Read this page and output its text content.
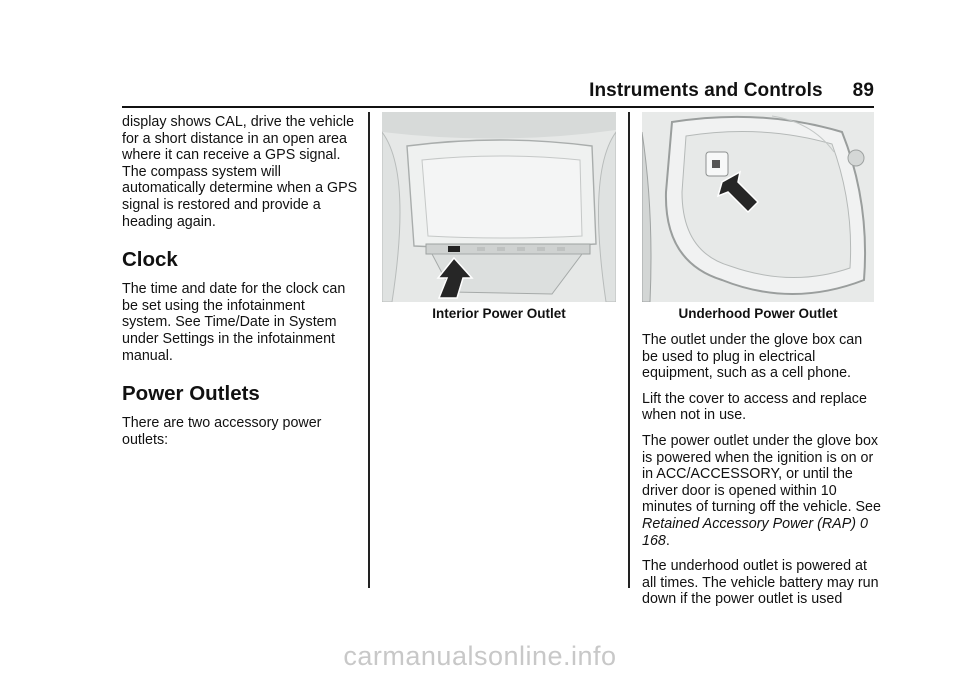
Instruments and Controls 89

display shows CAL, drive the vehicle for a short distance in an open area where it can receive a GPS signal. The compass system will automatically determine when a GPS signal is restored and provide a heading again.

Clock

The time and date for the clock can be set using the infotainment system. See Time/Date in System under Settings in the infotainment manual.

Power Outlets

There are two accessory power outlets:

Interior Power Outlet	Underhood Power Outlet

The outlet under the glove box can be used to plug in electrical equipment, such as a cell phone.

Lift the cover to access and replace when not in use.

The power outlet under the glove box is powered when the ignition is on or in ACC/ACCESSORY, or until the driver door is opened within 10 minutes of turning off the vehicle. See Retained Accessory Power (RAP) 0 168.

The underhood outlet is powered at all times. The vehicle battery may run down if the power outlet is used

carmanualsonline.info
